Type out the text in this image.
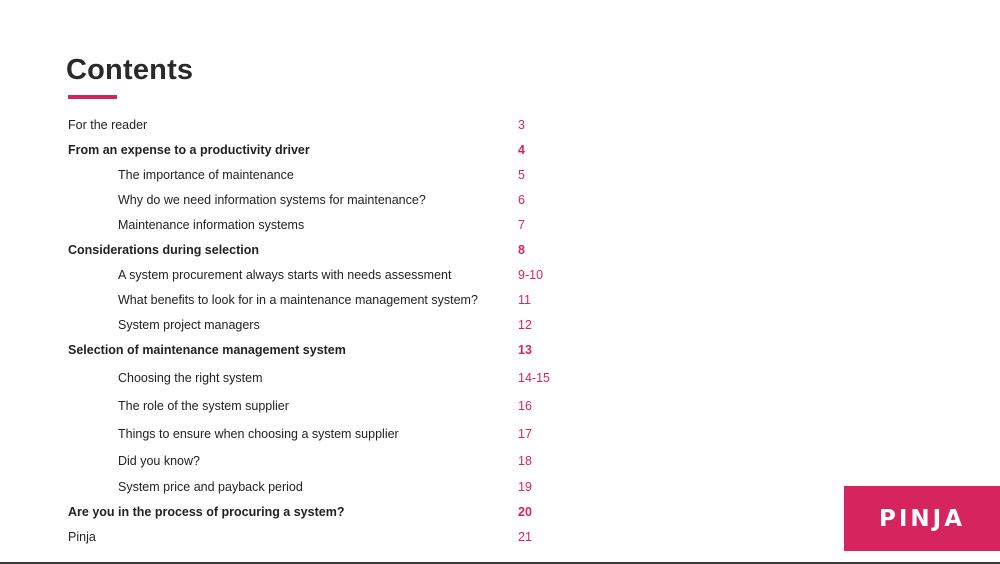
Contents
For the reader	3
From an expense to a productivity driver	4
The importance of maintenance	5
Why do we need information systems for maintenance?	6
Maintenance information systems	7
Considerations during selection	8
A system procurement always starts with needs assessment	9-10
What benefits to look for in a maintenance management system?	11
System project managers	12
Selection of maintenance management system	13
Choosing the right system	14-15
The role of the system supplier	16
Things to ensure when choosing a system supplier	17
Did you know?	18
System price and payback period	19
Are you in the process of procuring a system?	20
Pinja	21
PINJA
